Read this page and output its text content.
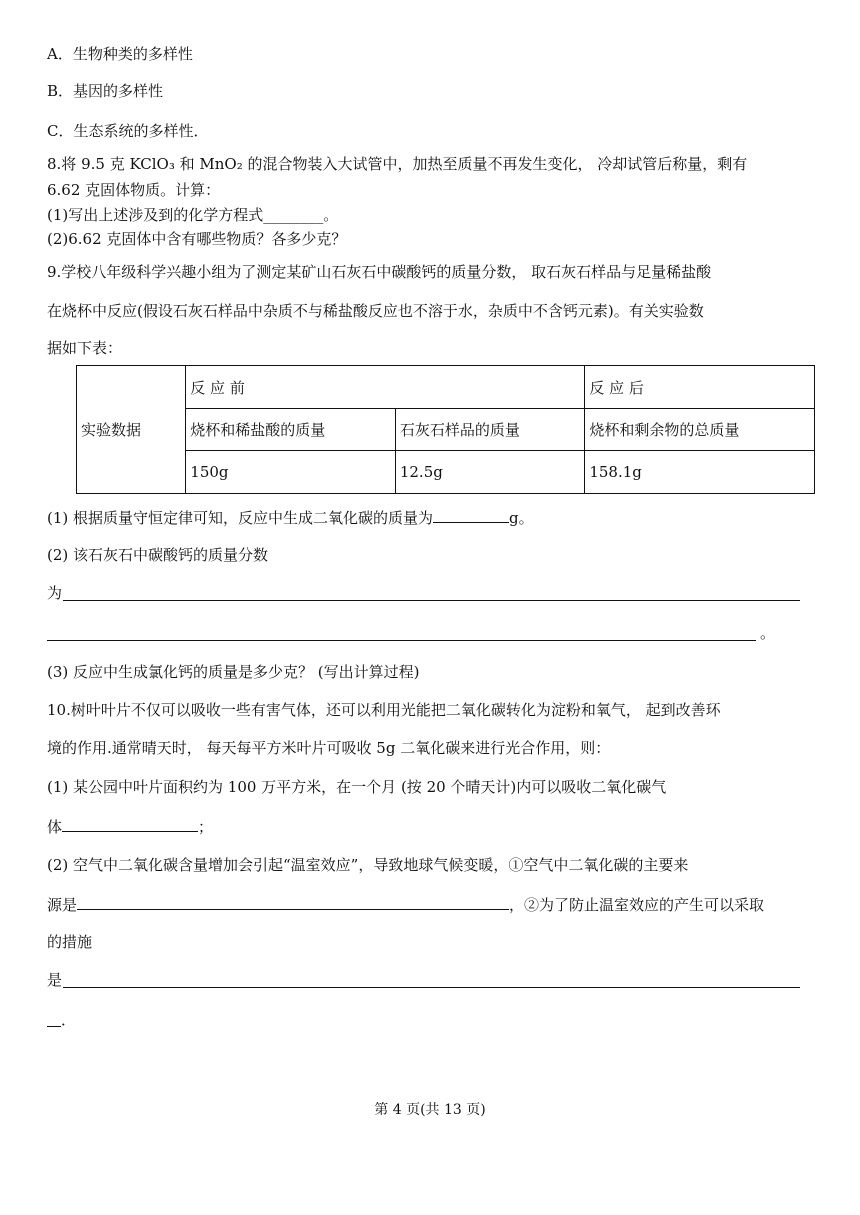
A．生物种类的多样性
B．基因的多样性
C．生态系统的多样性．
8.将 9.5 克 KClO₃ 和 MnO₂ 的混合物装入大试管中，加热至质量不再发生变化， 冷却试管后称量，剩有
6.62 克固体物质。计算：
(1)写出上述涉及到的化学方程式________。
(2)6.62 克固体中含有哪些物质？各多少克？
9.学校八年级科学兴趣小组为了测定某矿山石灰石中碳酸钙的质量分数， 取石灰石样品与足量稀盐酸
在烧杯中反应(假设石灰石样品中杂质不与稀盐酸反应也不溶于水，杂质中不含钙元素)。有关实验数
据如下表：
实验数据	反 应 前		反 应 后
	烧杯和稀盐酸的质量	石灰石样品的质量	烧杯和剩余物的总质量
	150g	12.5g	158.1g
(1) 根据质量守恒定律可知，反应中生成二氧化碳的质量为	g。
(2) 该石灰石中碳酸钙的质量分数
为
。
(3) 反应中生成氯化钙的质量是多少克？ (写出计算过程)
10.树叶叶片不仅可以吸收一些有害气体，还可以利用光能把二氧化碳转化为淀粉和氧气， 起到改善环
境的作用.通常晴天时， 每天每平方米叶片可吸收 5g 二氧化碳来进行光合作用，则：
(1) 某公园中叶片面积约为 100 万平方米，在一个月 (按 20 个晴天计)内可以吸收二氧化碳气
体	；
(2) 空气中二氧化碳含量增加会引起“温室效应”，导致地球气候变暖，①空气中二氧化碳的主要来
源是	，②为了防止温室效应的产生可以采取
的措施
是
．
第 4 页(共 13 页)
